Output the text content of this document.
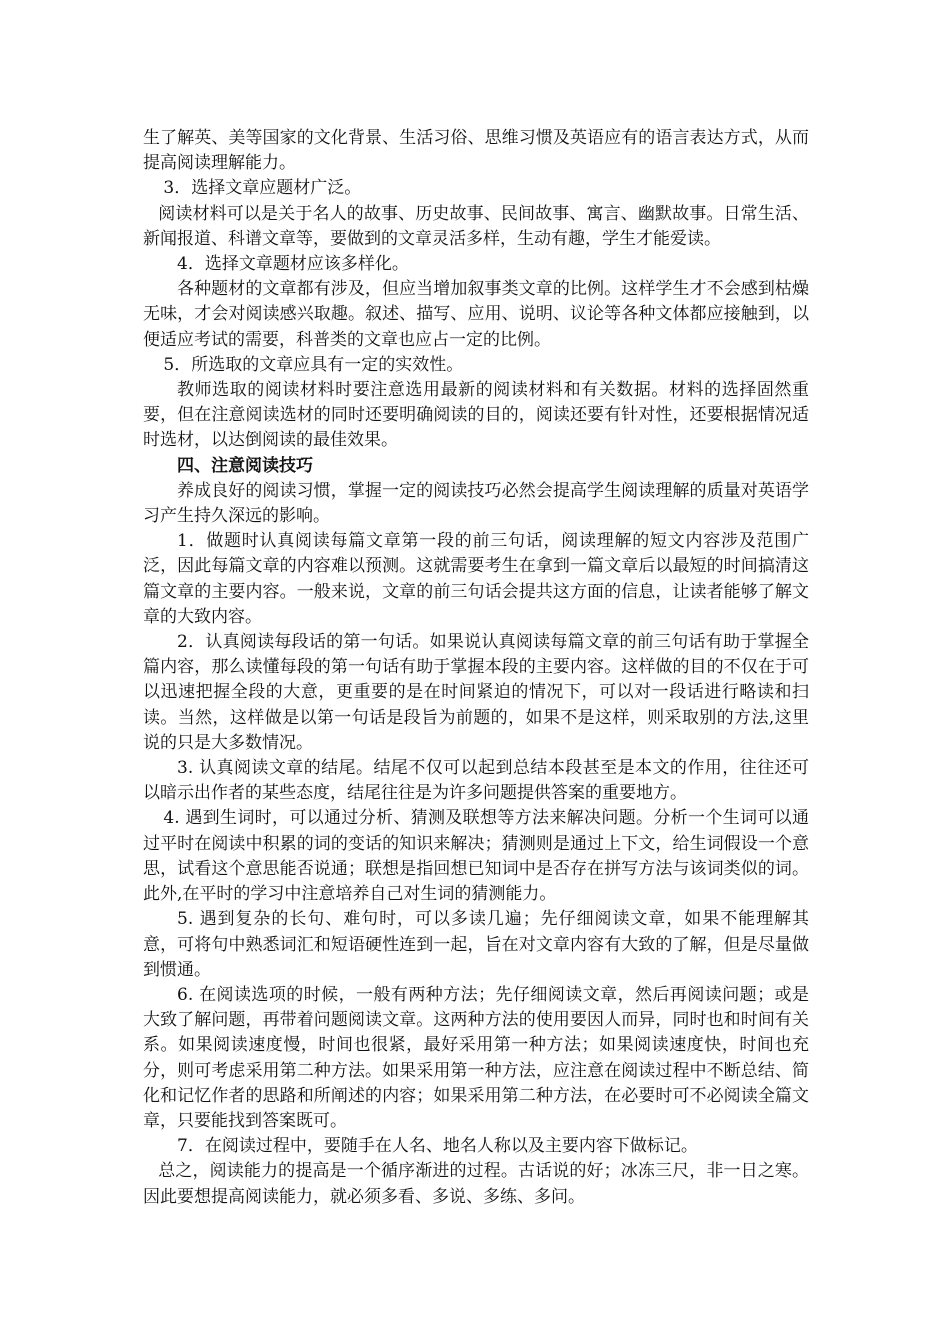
生了解英、美等国家的文化背景、生活习俗、思维习惯及英语应有的语言表达方式，从而提高阅读理解能力。

3．选择文章应题材广泛。

阅读材料可以是关于名人的故事、历史故事、民间故事、寓言、幽默故事。日常生活、新闻报道、科谱文章等，要做到的文章灵活多样，生动有趣，学生才能爱读。

4．选择文章题材应该多样化。

各种题材的文章都有涉及，但应当增加叙事类文章的比例。这样学生才不会感到枯燥无味，才会对阅读感兴取趣。叙述、描写、应用、说明、议论等各种文体都应接触到，以便适应考试的需要，科普类的文章也应占一定的比例。

5．所选取的文章应具有一定的实效性。

教师选取的阅读材料时要注意选用最新的阅读材料和有关数据。材料的选择固然重要，但在注意阅读选材的同时还要明确阅读的目的，阅读还要有针对性，还要根据情况适时选材，以达倒阅读的最佳效果。

四、注意阅读技巧

养成良好的阅读习惯，掌握一定的阅读技巧必然会提高学生阅读理解的质量对英语学习产生持久深远的影响。

1．做题时认真阅读每篇文章第一段的前三句话，阅读理解的短文内容涉及范围广泛，因此每篇文章的内容难以预测。这就需要考生在拿到一篇文章后以最短的时间搞清这篇文章的主要内容。一般来说，文章的前三句话会提共这方面的信息，让读者能够了解文章的大致内容。

2．认真阅读每段话的第一句话。如果说认真阅读每篇文章的前三句话有助于掌握全篇内容，那么读懂每段的第一句话有助于掌握本段的主要内容。这样做的目的不仅在于可以迅速把握全段的大意，更重要的是在时间紧迫的情况下，可以对一段话进行略读和扫读。当然，这样做是以第一句话是段旨为前题的，如果不是这样，则采取别的方法,这里说的只是大多数情况。

3. 认真阅读文章的结尾。结尾不仅可以起到总结本段甚至是本文的作用，往往还可以暗示出作者的某些态度，结尾往往是为许多问题提供答案的重要地方。

4. 遇到生词时，可以通过分析、猜测及联想等方法来解决问题。分析一个生词可以通过平时在阅读中积累的词的变话的知识来解决；猜测则是通过上下文，给生词假设一个意思，试看这个意思能否说通；联想是指回想已知词中是否存在拼写方法与该词类似的词。此外,在平时的学习中注意培养自己对生词的猜测能力。

5. 遇到复杂的长句、难句时，可以多读几遍；先仔细阅读文章，如果不能理解其意，可将句中熟悉词汇和短语硬性连到一起，旨在对文章内容有大致的了解，但是尽量做到惯通。

6. 在阅读选项的时候，一般有两种方法；先仔细阅读文章，然后再阅读问题；或是大致了解问题，再带着问题阅读文章。这两种方法的使用要因人而异，同时也和时间有关系。如果阅读速度慢，时间也很紧，最好采用第一种方法；如果阅读速度快，时间也充分，则可考虑采用第二种方法。如果采用第一种方法，应注意在阅读过程中不断总结、简化和记忆作者的思路和所阐述的内容；如果采用第二种方法，在必要时可不必阅读全篇文章，只要能找到答案既可。

7．在阅读过程中，要随手在人名、地名人称以及主要内容下做标记。

总之，阅读能力的提高是一个循序渐进的过程。古话说的好；冰冻三尺，非一日之寒。因此要想提高阅读能力，就必须多看、多说、多练、多问。
